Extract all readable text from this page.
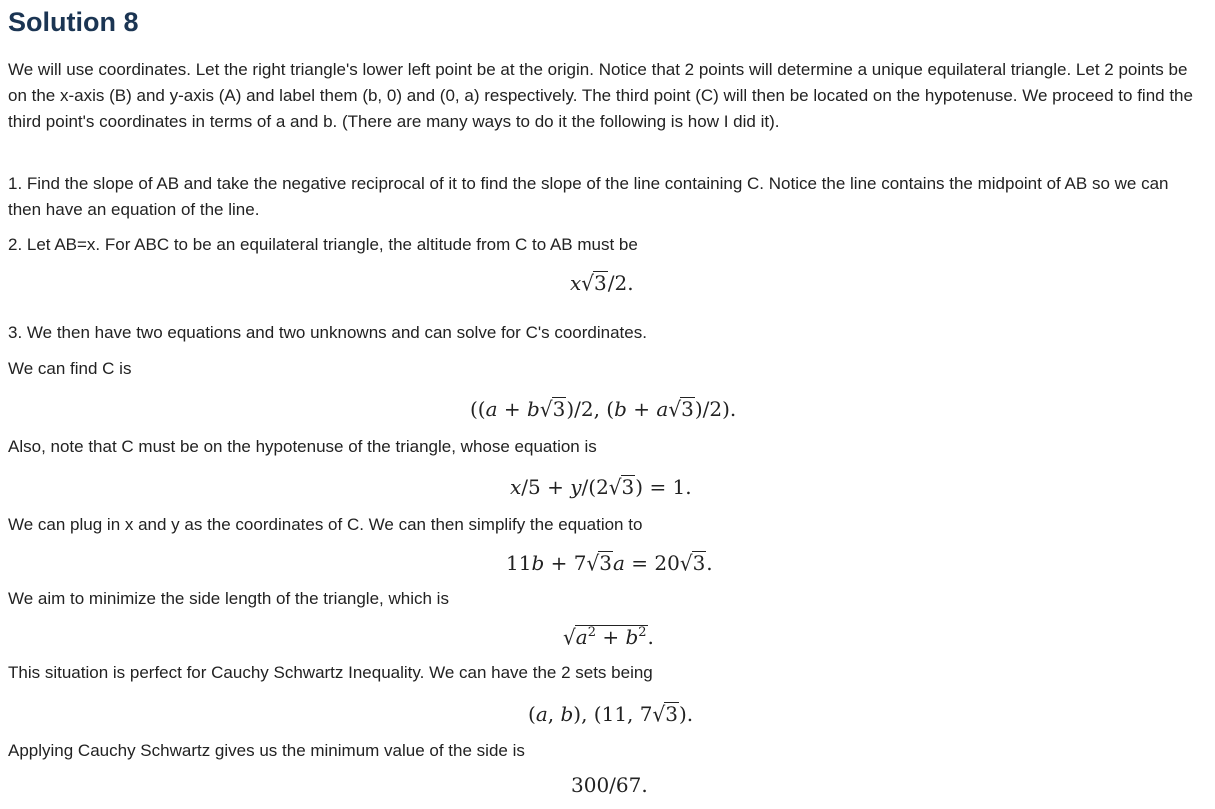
Solution 8

We will use coordinates. Let the right triangle's lower left point be at the origin. Notice that 2 points will determine a unique equilateral triangle. Let 2 points be on the x-axis (B) and y-axis (A) and label them (b, 0) and (0, a) respectively. The third point (C) will then be located on the hypotenuse. We proceed to find the third point's coordinates in terms of a and b. (There are many ways to do it the following is how I did it).

1. Find the slope of AB and take the negative reciprocal of it to find the slope of the line containing C. Notice the line contains the midpoint of AB so we can then have an equation of the line.

2. Let AB=x. For ABC to be an equilateral triangle, the altitude from C to AB must be

x√3/2.

3. We then have two equations and two unknowns and can solve for C's coordinates.

We can find C is

((a + b√3)/2, (b + a√3)/2).

Also, note that C must be on the hypotenuse of the triangle, whose equation is

x/5 + y/(2√3) = 1.

We can plug in x and y as the coordinates of C. We can then simplify the equation to

11b + 7√3a = 20√3.

We aim to minimize the side length of the triangle, which is

$√a^2 + b^2$.

This situation is perfect for Cauchy Schwartz Inequality. We can have the 2 sets being

(a, b), (11, 7√3).

Applying Cauchy Schwartz gives us the minimum value of the side is

300/67.
